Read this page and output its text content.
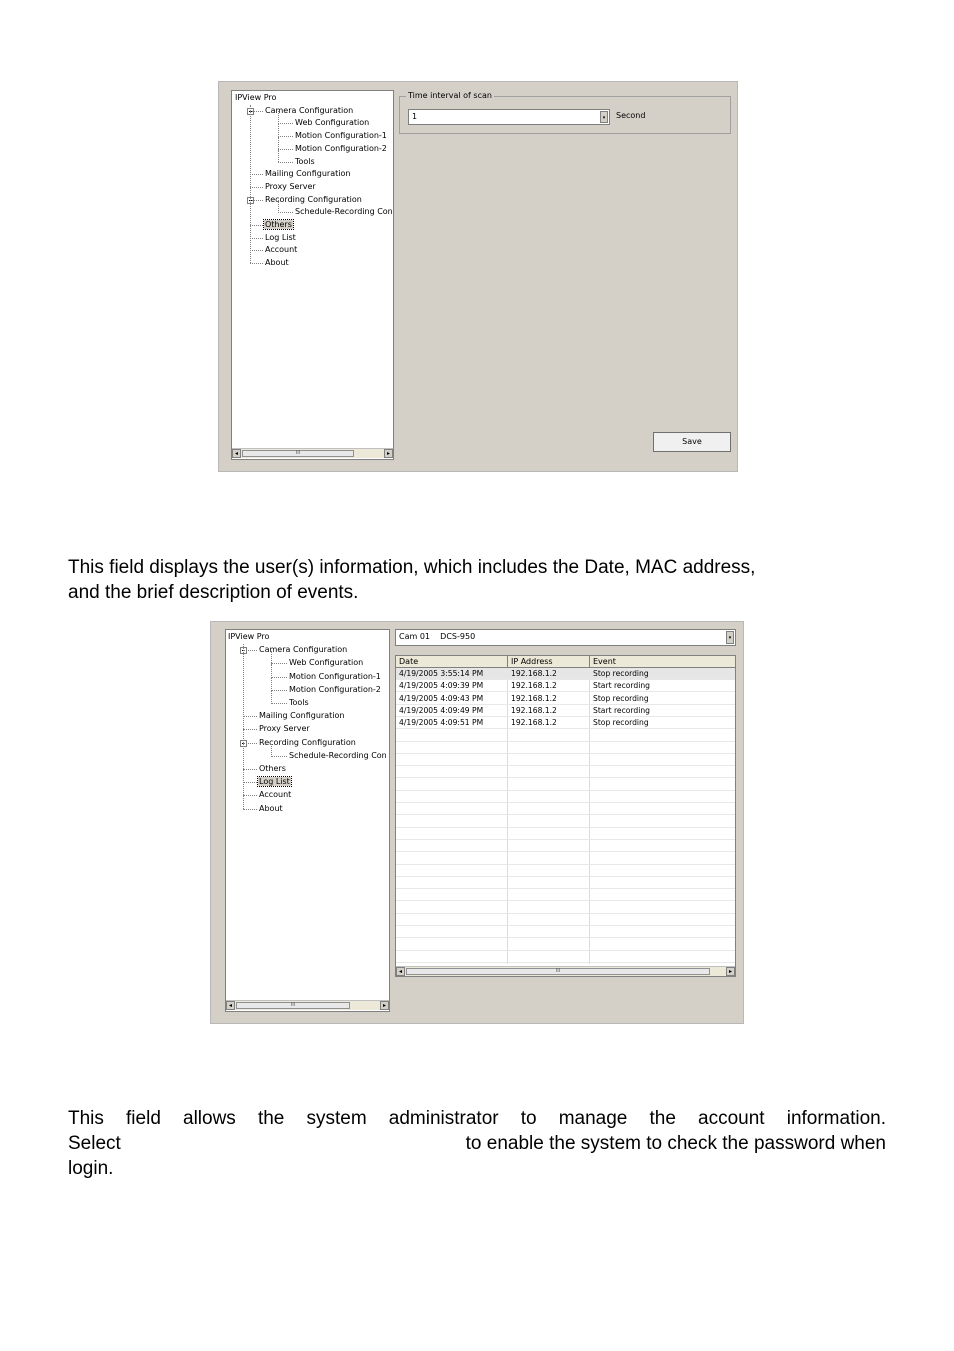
IPView Pro
Camera Configuration
Web Configuration
Motion Configuration-1
Motion Configuration-2
Tools
Mailing Configuration
Proxy Server
Recording Configuration
Schedule-Recording Con
Others
Log List
Account
About
◂	III	▸
Time interval of scan
1	▾	Second
Save
This field displays the user(s) information, which includes the Date, MAC address,
and the brief description of events.
IPView Pro
Camera Configuration
Web Configuration
Motion Configuration-1
Motion Configuration-2
Tools
Mailing Configuration
Proxy Server
Recording Configuration
Schedule-Recording Con
Others
Log List
Account
About
◂	III	▸
Cam 01    DCS-950	▾
Date	IP Address	Event
4/19/2005 3:55:14 PM	192.168.1.2	Stop recording
4/19/2005 4:09:39 PM	192.168.1.2	Start recording
4/19/2005 4:09:43 PM	192.168.1.2	Stop recording
4/19/2005 4:09:49 PM	192.168.1.2	Start recording
4/19/2005 4:09:51 PM	192.168.1.2	Stop recording
◂	III	▸
This field allows the system administrator to manage the account information.
Select	to enable the system to check the password when
login.
